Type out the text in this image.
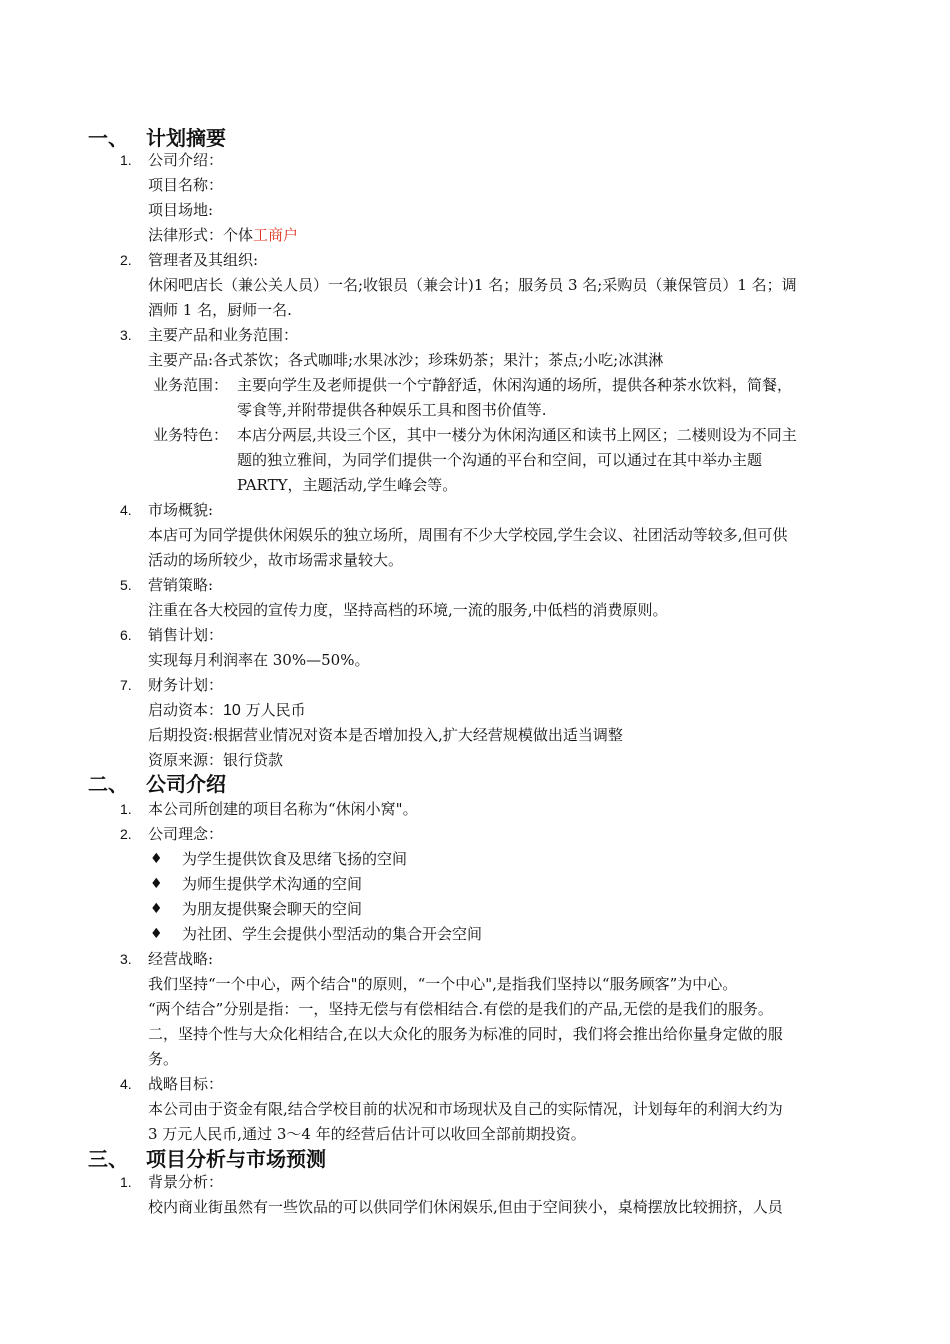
一、 计划摘要
1. 公司介绍：
项目名称：
项目场地:
法律形式：个体工商户
2. 管理者及其组织:
休闲吧店长（兼公关人员）一名;收银员（兼会计)1 名；服务员 3 名;采购员（兼保管员）1 名；调
酒师 1 名，厨师一名.
3. 主要产品和业务范围：
主要产品:各式茶饮；各式咖啡;水果冰沙；珍珠奶茶；果汁；茶点;小吃;冰淇淋
业务范围： 主要向学生及老师提供一个宁静舒适，休闲沟通的场所，提供各种茶水饮料，简餐，
零食等,并附带提供各种娱乐工具和图书价值等.
业务特色： 本店分两层,共设三个区，其中一楼分为休闲沟通区和读书上网区；二楼则设为不同主
题的独立雅间，为同学们提供一个沟通的平台和空间，可以通过在其中举办主题
PARTY，主题活动,学生峰会等。
4. 市场概貌:
本店可为同学提供休闲娱乐的独立场所，周围有不少大学校园,学生会议、社团活动等较多,但可供
活动的场所较少，故市场需求量较大。
5. 营销策略:
注重在各大校园的宣传力度，坚持高档的环境,一流的服务,中低档的消费原则。
6. 销售计划：
实现每月利润率在 30%—50%。
7. 财务计划：
启动资本：10 万人民币
后期投资:根据营业情况对资本是否增加投入,扩大经营规模做出适当调整
资原来源：银行贷款
二、 公司介绍
1. 本公司所创建的项目名称为“休闲小窝"。
2. 公司理念：
♦ 为学生提供饮食及思绪飞扬的空间
♦ 为师生提供学术沟通的空间
♦ 为朋友提供聚会聊天的空间
♦ 为社团、学生会提供小型活动的集合开会空间
3. 经营战略:
我们坚持“一个中心，两个结合"的原则，“一个中心",是指我们坚持以“服务顾客”为中心。
“两个结合”分别是指：一，坚持无偿与有偿相结合.有偿的是我们的产品,无偿的是我们的服务。
二，坚持个性与大众化相结合,在以大众化的服务为标准的同时，我们将会推出给你量身定做的服
务。
4. 战略目标：
本公司由于资金有限,结合学校目前的状况和市场现状及自己的实际情况，计划每年的利润大约为
3 万元人民币,通过 3～4 年的经营后估计可以收回全部前期投资。
三、 项目分析与市场预测
1. 背景分析：
校内商业街虽然有一些饮品的可以供同学们休闲娱乐,但由于空间狭小，桌椅摆放比较拥挤，人员
